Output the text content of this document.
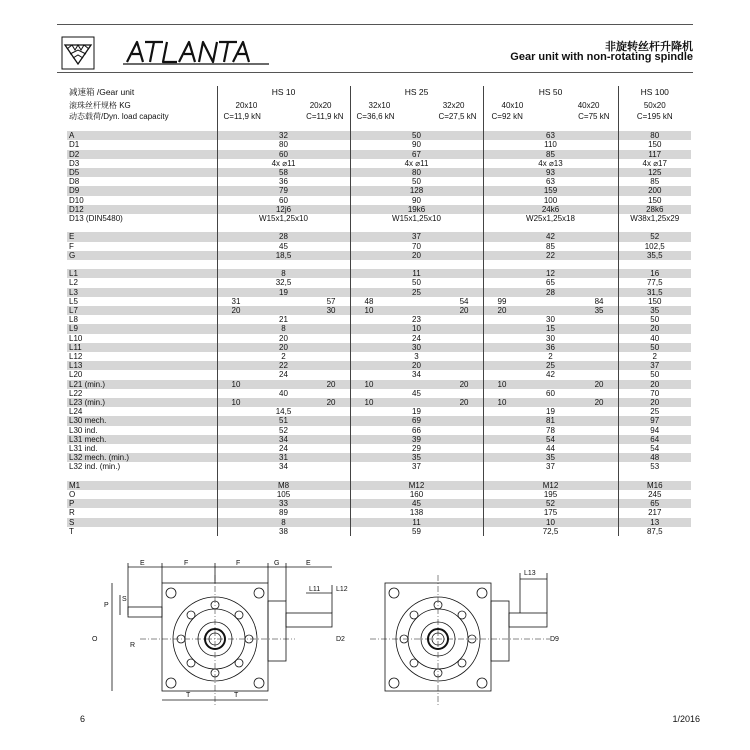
非旋转丝杆升降机
Gear unit with non-rotating spindle
减速箱 /Gear unit	HS 10	HS 25	HS 50	HS 100
滚珠丝杆规格 KG	20x10 20x20	32x10 32x20	40x10 40x20	50x20
动态载荷/Dyn. load capacity	C=11,9 kN C=11,9 kN	C=36,6 kN C=27,5 kN	C=92 kN C=75 kN	C=195 kN

A	32	50	63	80
D1	80	90	110	150
D2	60	67	85	117
D3	4x ⌀11	4x ⌀11	4x ⌀13	4x ⌀17
D5	58	80	93	125
D8	36	50	63	85
D9	79	128	159	200
D10	60	90	100	150
D12	12j6	19k6	24k6	28k6
D13 (DIN5480)	W15x1,25x10	W15x1,25x10	W25x1,25x18	W38x1,25x29

E	28	37	42	52
F	45	70	85	102,5
G	18,5	20	22	35,5

L1	8	11	12	16
L2	32,5	50	65	77,5
L3	19	25	28	31,5
L5	31 57	48 54	99 84	150
L7	20 30	10 20	20 35	35
L8	21	23	30	50
L9	8	10	15	20
L10	20	24	30	40
L11	20	30	36	50
L12	2	3	2	2
L13	22	20	25	37
L20	24	34	42	50
L21 (min.)	10 20	10 20	10 20	20
L22	40	45	60	70
L23 (min.)	10 20	10 20	10 20	20
L24	14,5	19	19	25
L30 mech.	51	69	81	97
L30 ind.	52	66	78	94
L31 mech.	34	39	54	64
L31 ind.	24	29	44	54
L32 mech. (min.)	31	35	35	48
L32 ind. (min.)	34	37	37	53

M1	M8	M12	M12	M16
O	105	160	195	245
P	33	45	52	65
R	89	138	175	217
S	8	11	10	13
T	38	59	72,5	87,5
E	F	F	G	E
L11 L12
P
S
O
R
D2
T	T
L13
D9
6	1/2016
